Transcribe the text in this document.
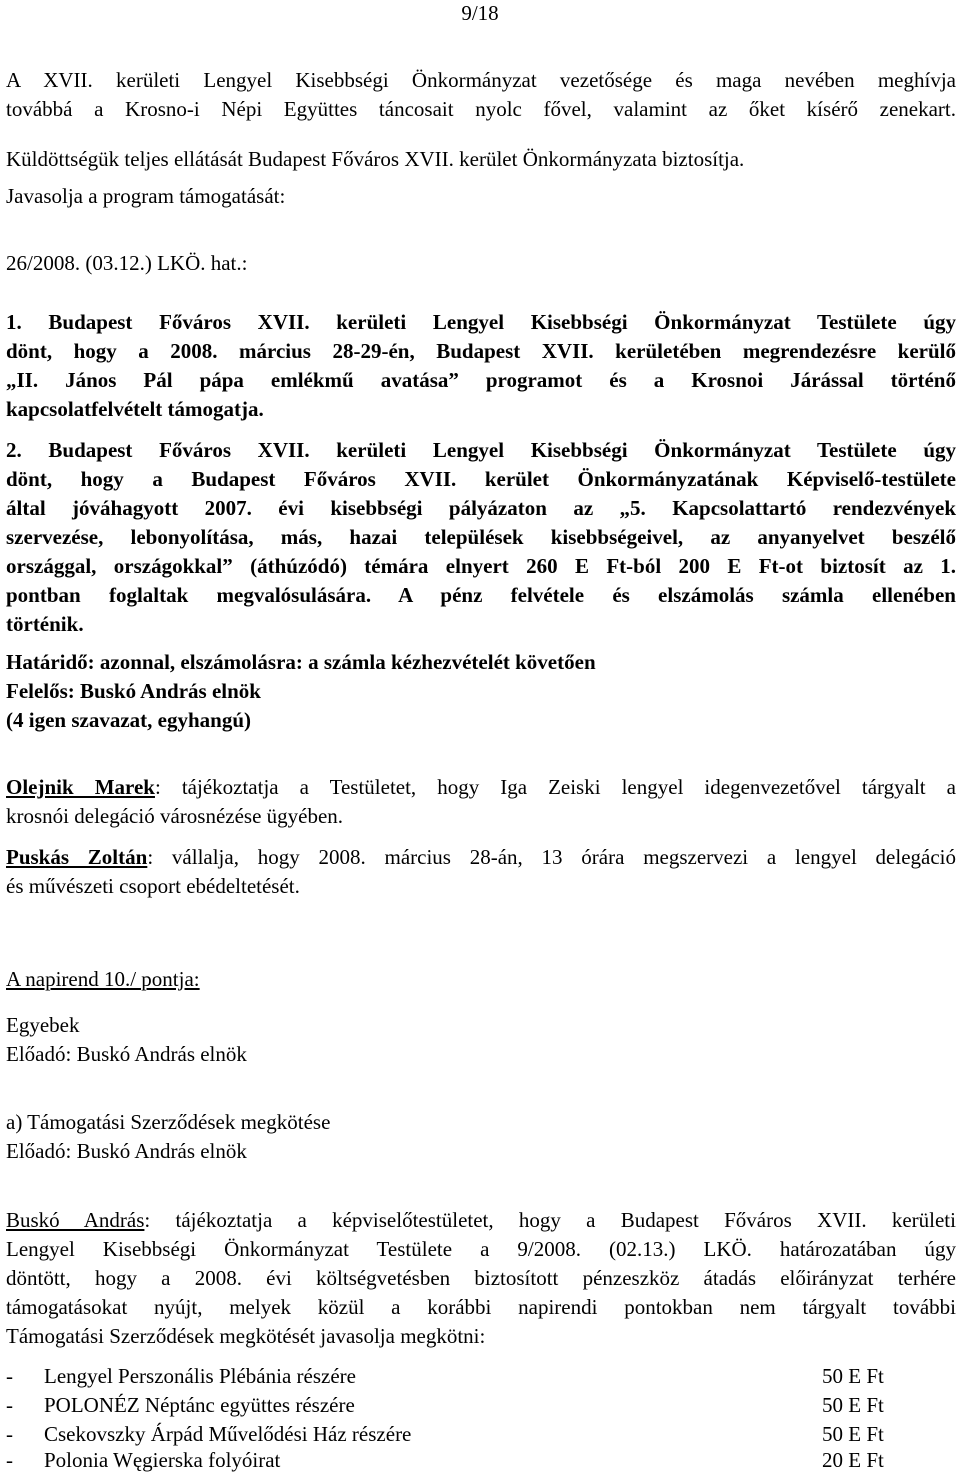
9/18
A XVII. kerületi Lengyel Kisebbségi Önkormányzat vezetősége és maga nevében meghívja
továbbá a Krosno-i Népi Együttes táncosait nyolc fővel, valamint az őket kísérő zenekart.
Küldöttségük teljes ellátását Budapest Főváros XVII. kerület Önkormányzata biztosítja.
Javasolja a program támogatását:
26/2008. (03.12.) LKÖ. hat.:
1. Budapest Főváros XVII. kerületi Lengyel Kisebbségi Önkormányzat Testülete úgy
dönt, hogy a 2008. március 28-29-én, Budapest XVII. kerületében megrendezésre kerülő
„II. János Pál pápa emlékmű avatása” programot és a Krosnoi Járással történő
kapcsolatfelvételt támogatja.
2. Budapest Főváros XVII. kerületi Lengyel Kisebbségi Önkormányzat Testülete úgy
dönt, hogy a Budapest Főváros XVII. kerület Önkormányzatának Képviselő-testülete
által jóváhagyott 2007. évi kisebbségi pályázaton az „5. Kapcsolattartó rendezvények
szervezése, lebonyolítása, más, hazai települések kisebbségeivel, az anyanyelvet beszélő
országgal, országokkal” (áthúzódó) témára elnyert 260 E Ft-ból 200 E Ft-ot biztosít az 1.
pontban foglaltak megvalósulására. A pénz felvétele és elszámolás számla ellenében
történik.
Határidő: azonnal, elszámolásra: a számla kézhezvételét követően
Felelős: Buskó András elnök
(4 igen szavazat, egyhangú)
Olejnik Marek: tájékoztatja a Testületet, hogy Iga Zeiski lengyel idegenvezetővel tárgyalt a
krosnói delegáció városnézése ügyében.
Puskás Zoltán: vállalja, hogy 2008. március 28-án, 13 órára megszervezi a lengyel delegáció
és művészeti csoport ebédeltetését.
A napirend 10./ pontja:
Egyebek
Előadó: Buskó András elnök
a) Támogatási Szerződések megkötése
Előadó: Buskó András elnök
Buskó András: tájékoztatja a képviselőtestületet, hogy a Budapest Főváros XVII. kerületi
Lengyel Kisebbségi Önkormányzat Testülete a 9/2008. (02.13.) LKÖ. határozatában úgy
döntött, hogy a 2008. évi költségvetésben biztosított pénzeszköz átadás előirányzat terhére
támogatásokat nyújt, melyek közül a korábbi napirendi pontokban nem tárgyalt további
Támogatási Szerződések megkötését javasolja megkötni:
- Lengyel Perszonális Plébánia részére	50 E Ft
- POLONÉZ Néptánc együttes részére	50 E Ft
- Csekovszky Árpád Művelődési Ház részére	50 E Ft
- Polonia Węgierska folyóirat	20 E Ft
